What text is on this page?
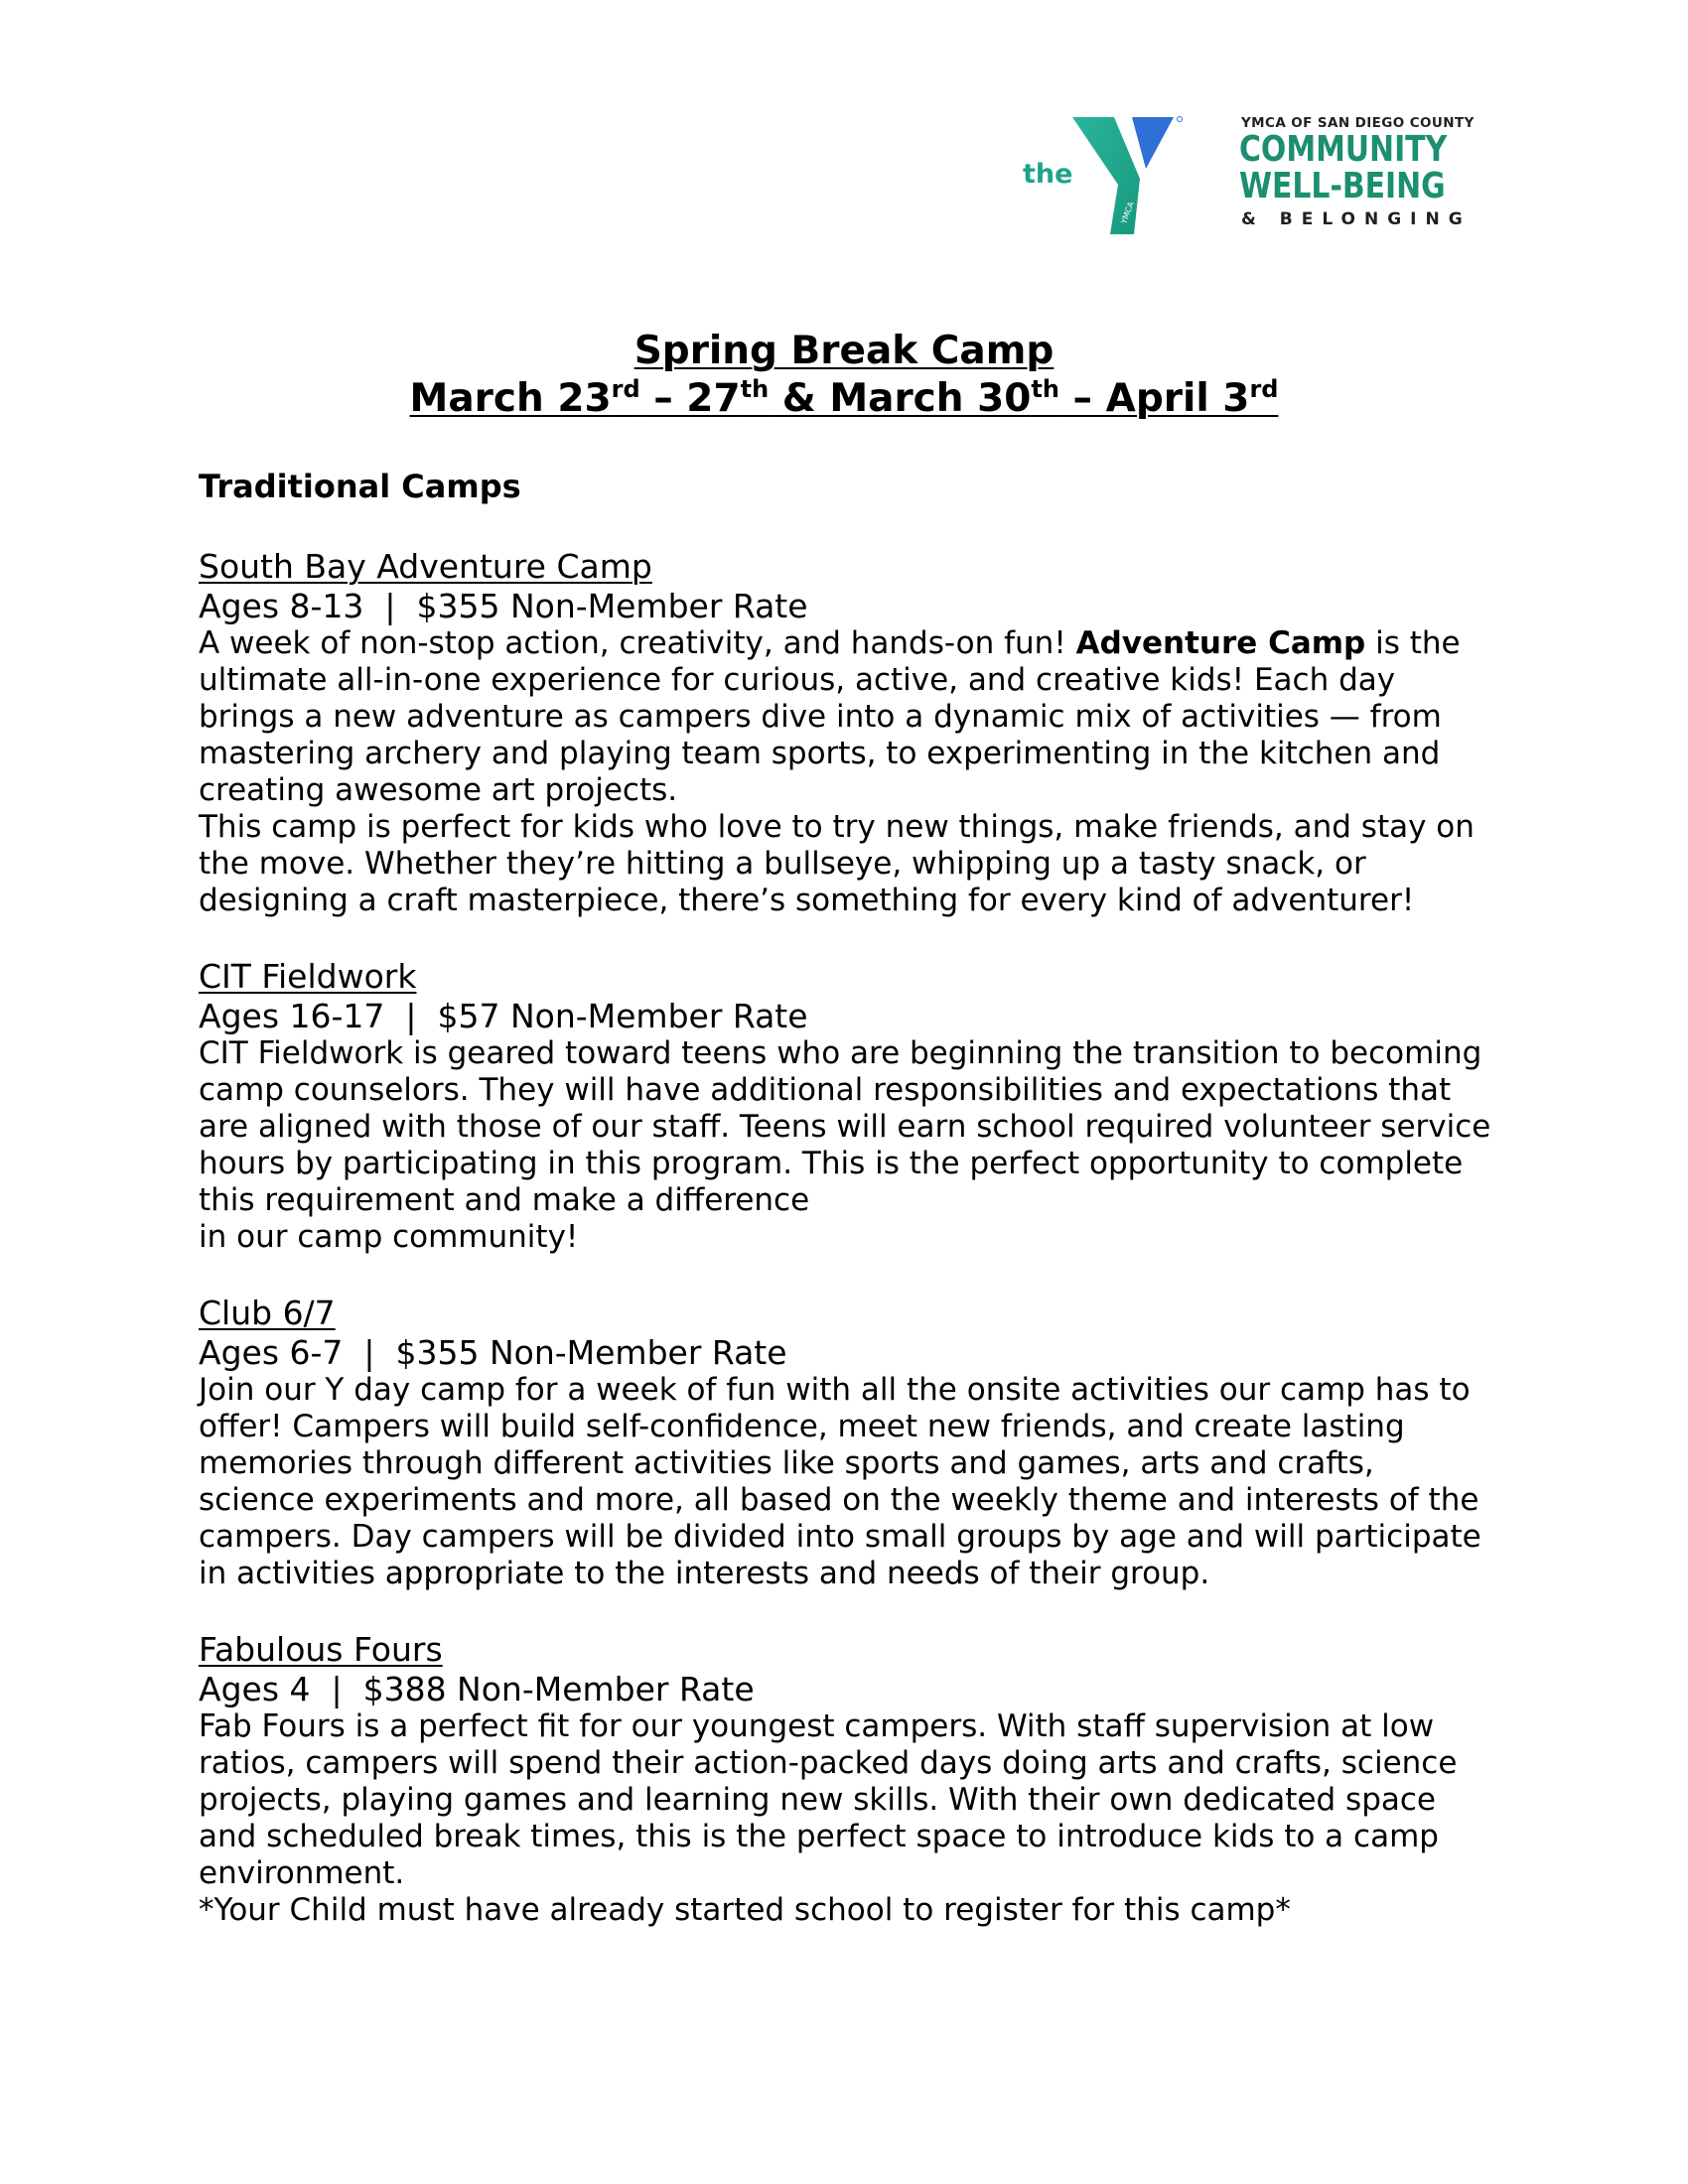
YMCA
the
YMCA OF SAN DIEGO COUNTY
COMMUNITY
WELL-BEING
& BELONGING
Spring Break Camp
March 23rd – 27th & March 30th – April 3rd
Traditional Camps
South Bay Adventure Camp
Ages 8-13  |  $355 Non-Member Rate

A week of non-stop action, creativity, and hands-on fun! Adventure Camp is the ultimate all-in-one experience for curious, active, and creative kids! Each day brings a new adventure as campers dive into a dynamic mix of activities — from mastering archery and playing team sports, to experimenting in the kitchen and creating awesome art projects.

This camp is perfect for kids who love to try new things, make friends, and stay on the move. Whether they’re hitting a bullseye, whipping up a tasty snack, or designing a craft masterpiece, there’s something for every kind of adventurer!

CIT Fieldwork
Ages 16-17  |  $57 Non-Member Rate

CIT Fieldwork is geared toward teens who are beginning the transition to becoming camp counselors. They will have additional responsibilities and expectations that are aligned with those of our staff. Teens will earn school required volunteer service hours by participating in this program. This is the perfect opportunity to complete this requirement and make a difference

in our camp community!

Club 6/7
Ages 6-7  |  $355 Non-Member Rate

Join our Y day camp for a week of fun with all the onsite activities our camp has to offer! Campers will build self-confidence, meet new friends, and create lasting memories through different activities like sports and games, arts and crafts, science experiments and more, all based on the weekly theme and interests of the campers. Day campers will be divided into small groups by age and will participate in activities appropriate to the interests and needs of their group.

Fabulous Fours
Ages 4  |  $388 Non-Member Rate

Fab Fours is a perfect fit for our youngest campers. With staff supervision at low ratios, campers will spend their action-packed days doing arts and crafts, science projects, playing games and learning new skills. With their own dedicated space and scheduled break times, this is the perfect space to introduce kids to a camp environment.

*Your Child must have already started school to register for this camp*
